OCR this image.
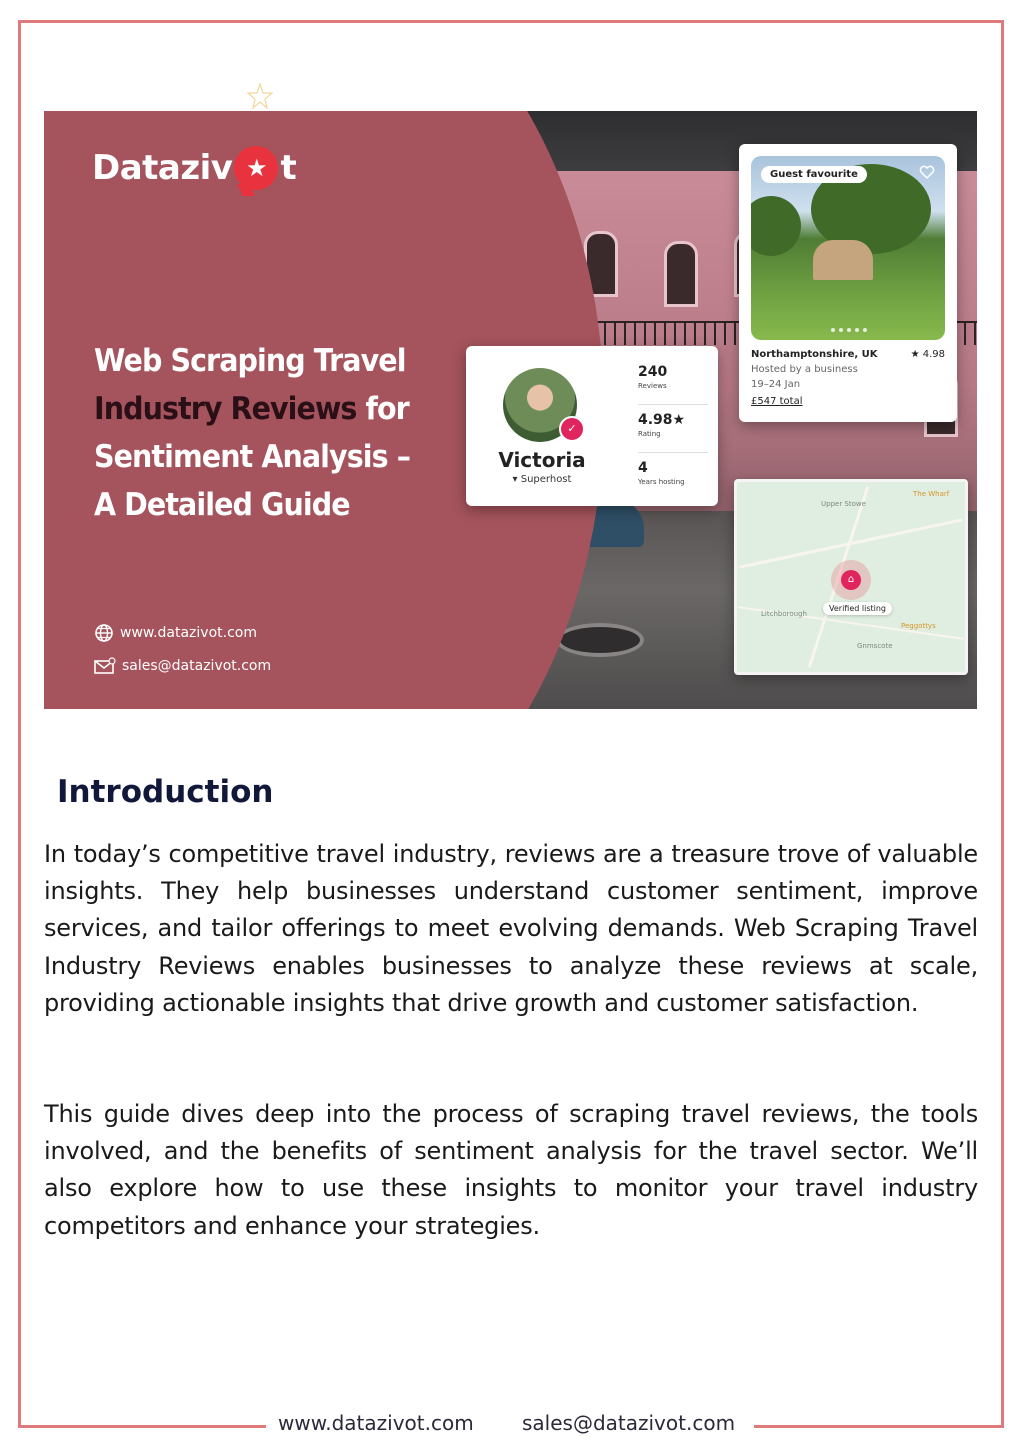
Dataziv ★ t
Web Scraping Travel
Industry Reviews for
Sentiment Analysis –
A Detailed Guide
www.datazivot.com
sales@datazivot.com
✓
Victoria
▾ Superhost
240
Reviews
4.98★
Rating
4
Years hosting
Guest favourite
Northamptonshire, UK	★ 4.98
Hosted by a business
19–24 Jan
£547 total
Upper Stowe
The Wharf
Litchborough
Peggottys
Gnmscote
⌂
Verified listing
Introduction

In today’s competitive travel industry, reviews are a treasure trove of valuable insights. They help businesses understand customer sentiment, improve services, and tailor offerings to meet evolving demands. Web Scraping Travel Industry Reviews enables businesses to analyze these reviews at scale, providing actionable insights that drive growth and customer satisfaction.

This guide dives deep into the process of scraping travel reviews, the tools involved, and the benefits of sentiment analysis for the travel sector. We’ll also explore how to use these insights to monitor your travel industry competitors and enhance your strategies.

www.datazivot.com sales@datazivot.com
